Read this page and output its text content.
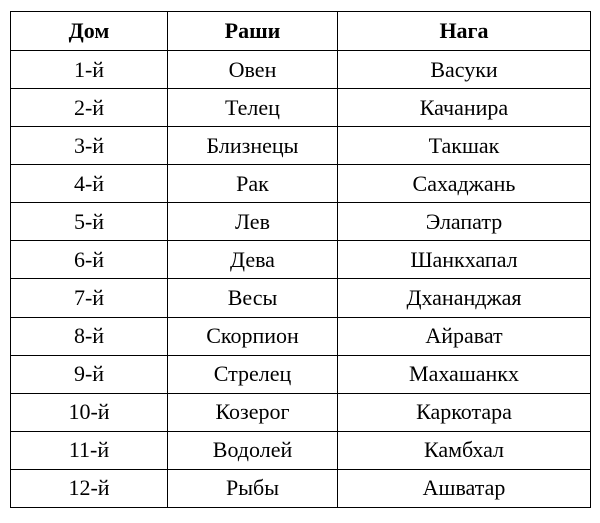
Дом	Раши	Нага
1-й	Овен	Васуки
2-й	Телец	Качанира
3-й	Близнецы	Такшак
4-й	Рак	Сахаджань
5-й	Лев	Элапатр
6-й	Дева	Шанкхапал
7-й	Весы	Дхананджая
8-й	Скорпион	Айрават
9-й	Стрелец	Махашанкх
10-й	Козерог	Каркотара
11-й	Водолей	Камбхал
12-й	Рыбы	Ашватар
